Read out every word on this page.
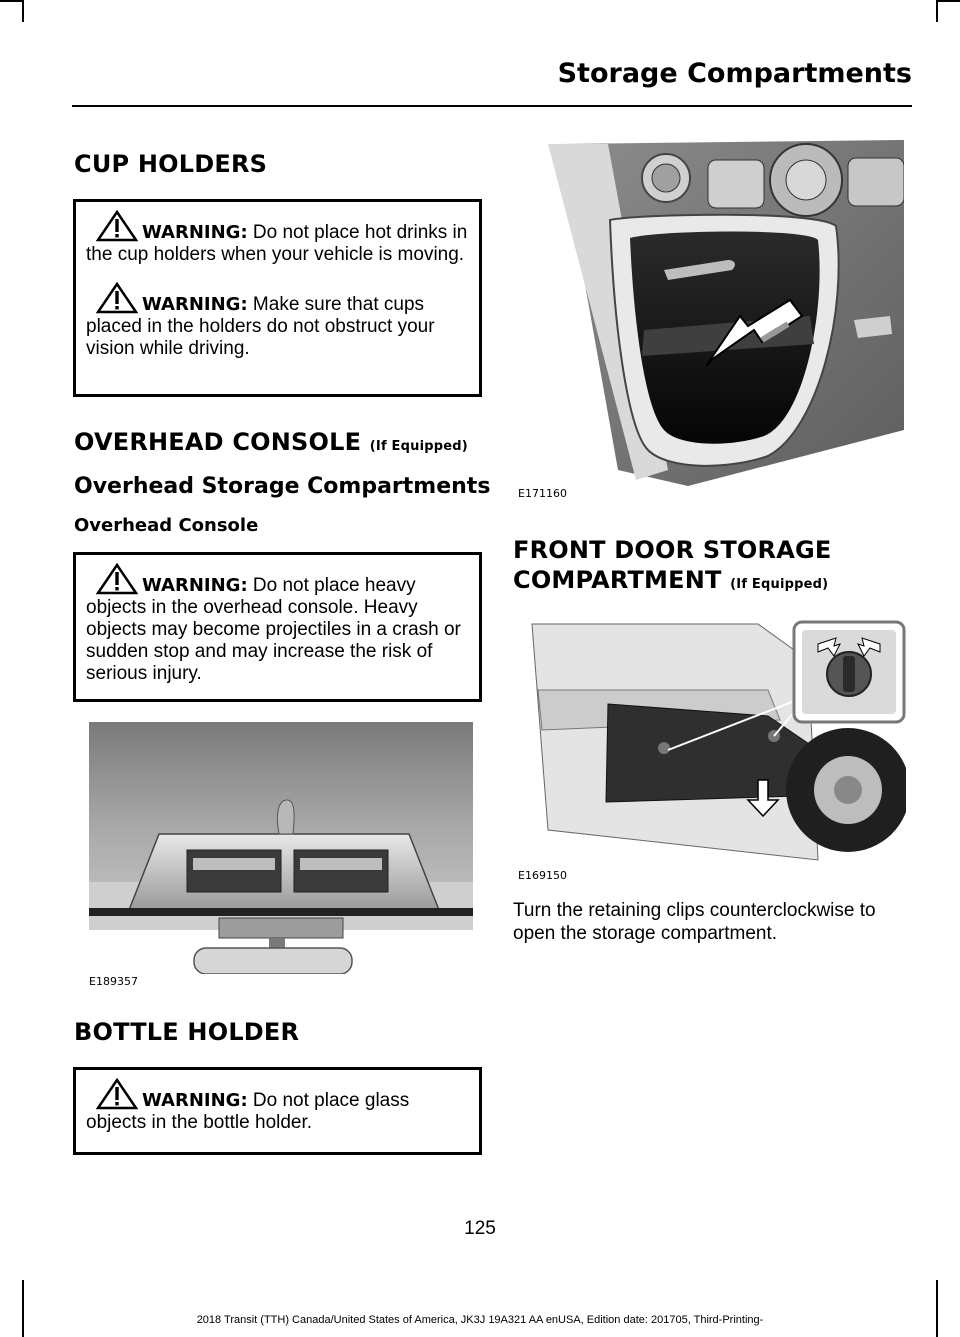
Storage Compartments
CUP HOLDERS

WARNING: Do not place hot drinks in the cup holders when your vehicle is moving.

WARNING: Make sure that cups placed in the holders do not obstruct your vision while driving.

OVERHEAD CONSOLE (If Equipped)
Overhead Storage Compartments
Overhead Console

WARNING: Do not place heavy objects in the overhead console. Heavy objects may become projectiles in a crash or sudden stop and may increase the risk of serious injury.

E189357
BOTTLE HOLDER

WARNING: Do not place glass objects in the bottle holder.

E171160
FRONT DOOR STORAGE
COMPARTMENT (If Equipped)
E169150
Turn the retaining clips counterclockwise to open the storage compartment.
125
2018 Transit (TTH) Canada/United States of America, JK3J 19A321 AA enUSA, Edition date: 201705, Third-Printing-
